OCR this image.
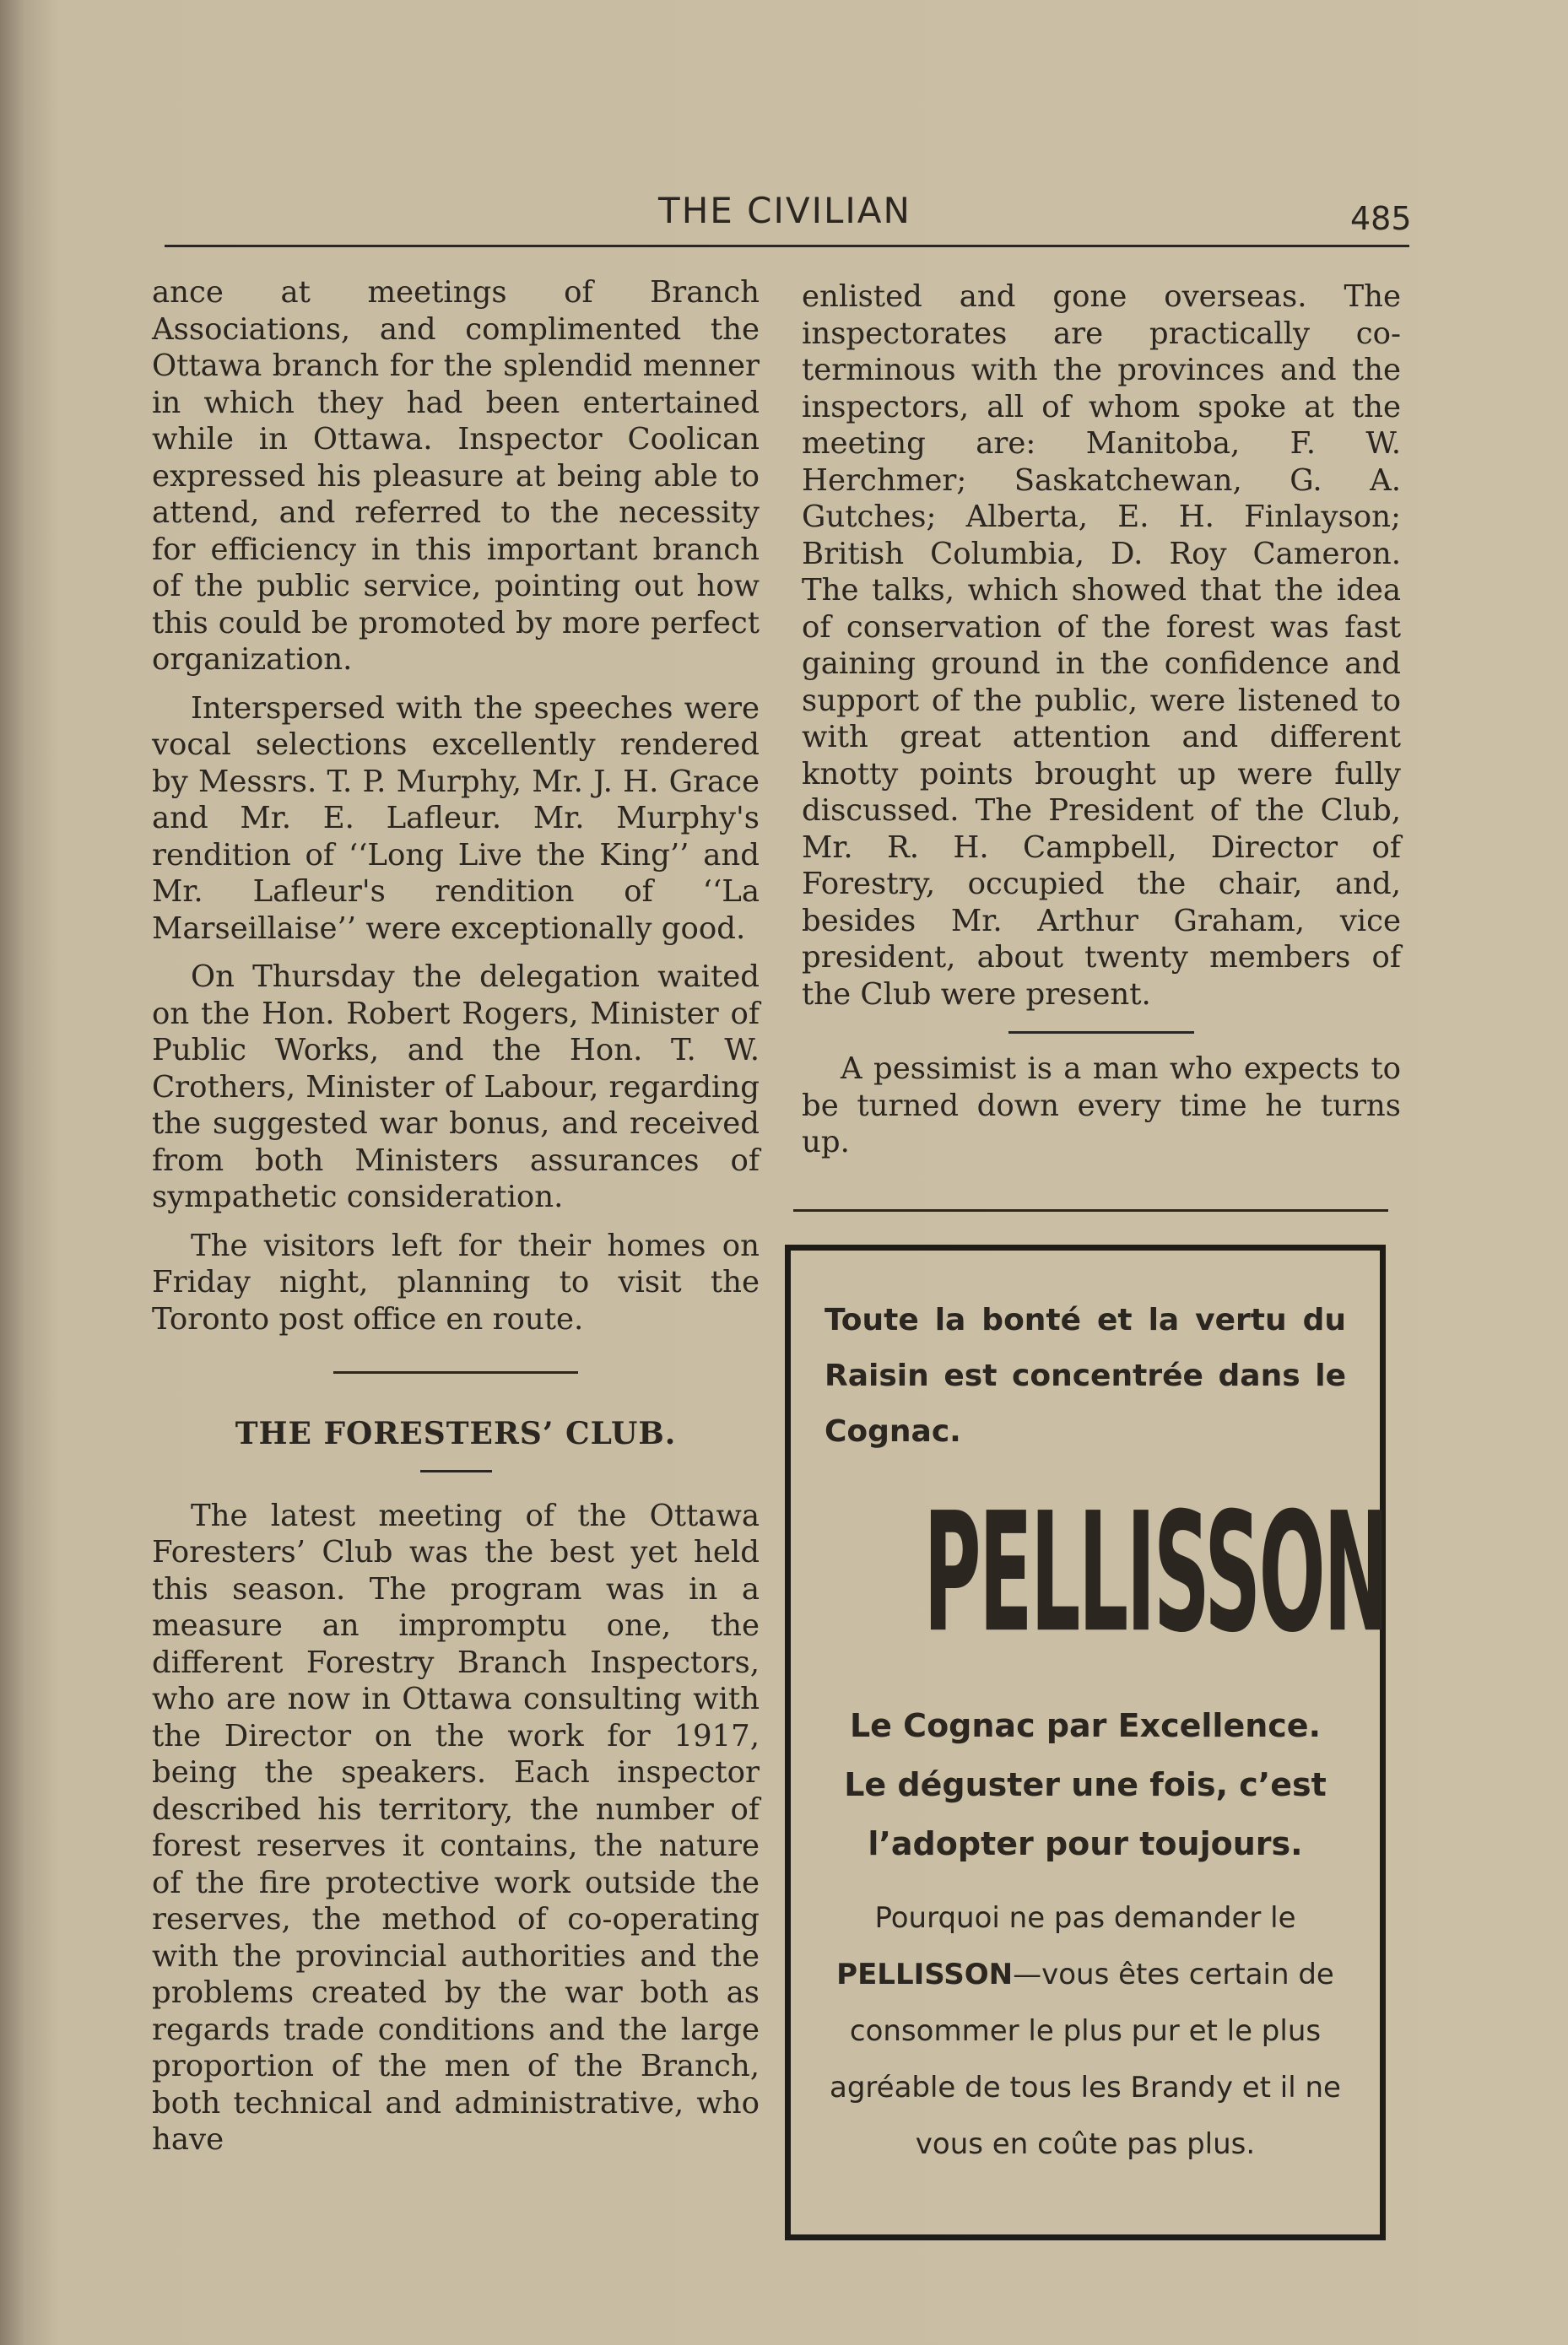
THE CIVILIAN	485

ance at meetings of Branch Associations, and complimented the Ottawa branch for the splendid menner in which they had been entertained while in Ottawa. Inspector Coolican expressed his pleasure at being able to attend, and referred to the necessity for efficiency in this important branch of the public service, pointing out how this could be promoted by more perfect organization.

Interspersed with the speeches were vocal selections excellently rendered by Messrs. T. P. Murphy, Mr. J. H. Grace and Mr. E. Lafleur. Mr. Murphy's rendition of ‘‘Long Live the King’’ and Mr. Lafleur's rendition of ‘‘La Marseillaise’’ were exceptionally good.

On Thursday the delegation waited on the Hon. Robert Rogers, Minister of Public Works, and the Hon. T. W. Crothers, Minister of Labour, regarding the suggested war bonus, and received from both Ministers assurances of sympathetic consideration.

The visitors left for their homes on Friday night, planning to visit the Toronto post office en route.

THE FORESTERS’ CLUB.

The latest meeting of the Ottawa Foresters’ Club was the best yet held this season. The program was in a measure an impromptu one, the different Forestry Branch Inspectors, who are now in Ottawa consulting with the Director on the work for 1917, being the speakers. Each inspector described his territory, the number of forest reserves it contains, the nature of the fire protective work outside the reserves, the method of co-operating with the provincial authorities and the problems created by the war both as regards trade conditions and the large proportion of the men of the Branch, both technical and administrative, who have

enlisted and gone overseas. The inspectorates are practically co-terminous with the provinces and the inspectors, all of whom spoke at the meeting are: Manitoba, F. W. Herchmer; Saskatchewan, G. A. Gutches; Alberta, E. H. Finlayson; British Columbia, D. Roy Cameron. The talks, which showed that the idea of conservation of the forest was fast gaining ground in the confidence and support of the public, were listened to with great attention and different knotty points brought up were fully discussed. The President of the Club, Mr. R. H. Campbell, Director of Forestry, occupied the chair, and, besides Mr. Arthur Graham, vice president, about twenty members of the Club were present.

A pessimist is a man who expects to be turned down every time he turns up.

Toute la bonté et la vertu du Raisin est concentrée dans le Cognac.
PELLISSON
Le Cognac par Excellence.
Le déguster une fois, c’est l’adopter pour toujours.
Pourquoi ne pas demander le PELLISSON—vous êtes certain de consommer le plus pur et le plus agréable de tous les Brandy et il ne vous en coûte pas plus.
